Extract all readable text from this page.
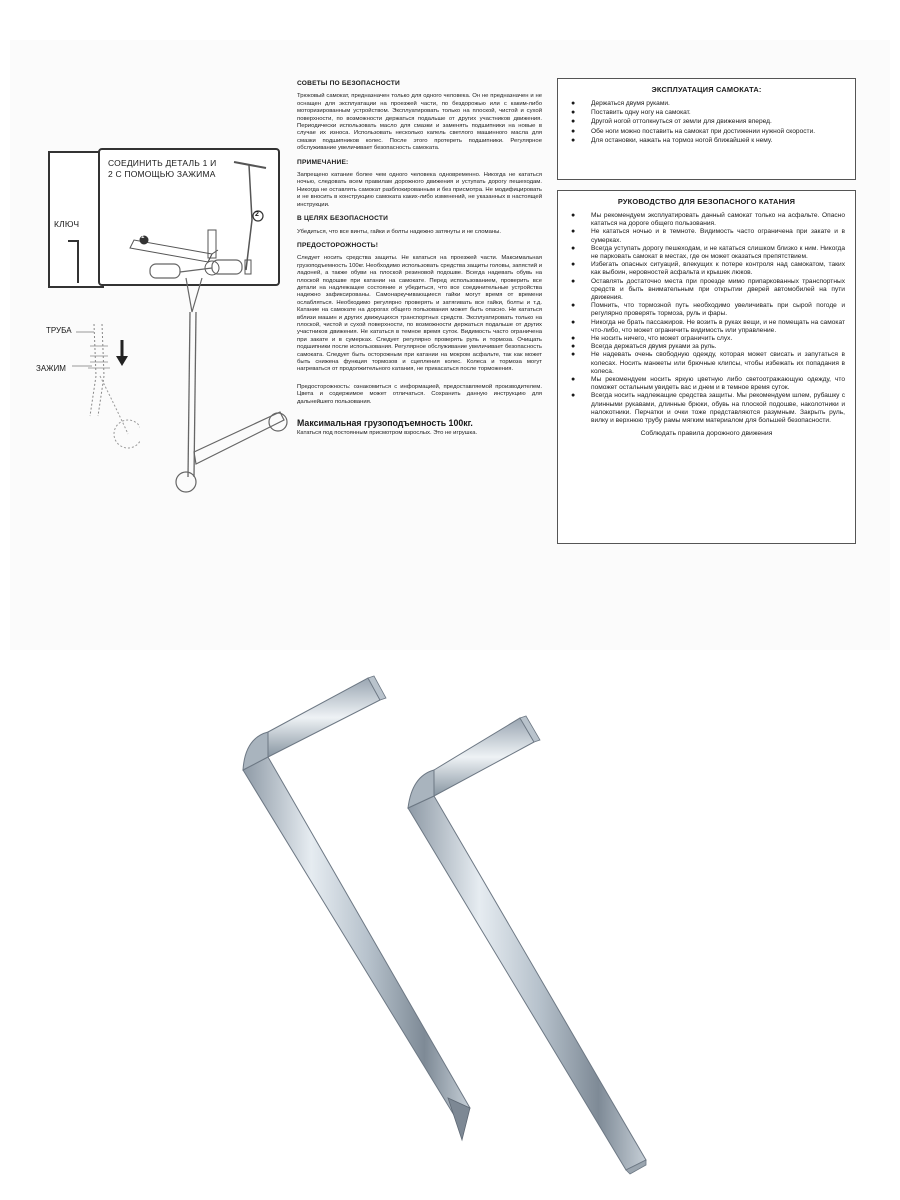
КЛЮЧ
СОЕДИНИТЬ ДЕТАЛЬ 1 И 2 С ПОМОЩЬЮ ЗАЖИМА
1
2
ТРУБА
ЗАЖИМ
СОВЕТЫ ПО БЕЗОПАСНОСТИ

Трюковый самокат, предназначен только для одного человека. Он не предназначен и не оснащен для эксплуатации на проезжей части, по бездорожью или с каким-либо моторизированным устройством. Эксплуатировать только на плоской, чистой и сухой поверхности, по возможности держаться подальше от других участников движения. Периодически использовать масло для смазки и заменять подшипники на новые в случае их износа. Использовать несколько капель светлого машинного масла для смазки подшипников колес. После этого протереть подшипники. Регулярное обслуживание увеличивает безопасность самоката.

ПРИМЕЧАНИЕ:

Запрещено катание более чем одного человека одновременно. Никогда не кататься ночью, следовать всем правилам дорожного движения и уступать дорогу пешеходам. Никогда не оставлять самокат разблокированным и без присмотра. Не модифицировать и не вносить в конструкцию самоката каких-либо изменений, не указанных в настоящей инструкции.

В ЦЕЛЯХ БЕЗОПАСНОСТИ

Убедиться, что все винты, гайки и болты надежно затянуты и не сломаны.

ПРЕДОСТОРОЖНОСТЬ!

Следует носить средства защиты. Не кататься на проезжей части. Максимальная грузоподъемность 100кг. Необходимо использовать средства защиты головы, запястий и ладоней, а также обуви на плоской резиновой подошве. Всегда надевать обувь на плоской подошве при катании на самокате. Перед использованием, проверить все детали на надлежащее состояние и убедиться, что все соединительные устройства надежно зафиксированы. Самонаркучивающиеся гайки могут время от времени ослабляться. Необходимо регулярно проверять и затягивать все гайки, болты и т.д. Катание на самокате на дорогах общего пользования может быть опасно. Не кататься вблизи машин и других движущихся транспортных средств. Эксплуатировать только на плоской, чистой и сухой поверхности, по возможности держаться подальше от других участников движения. Не кататься в темное время суток. Видимость часто ограничена при закате и в сумерках. Следует регулярно проверять руль и тормоза. Очищать подшипники после использования. Регулярное обслуживание увеличивает безопасность самоката. Следует быть осторожным при катании на мокром асфальте, так как может быть снижена функция тормозов и сцепления колес. Колеса и тормоза могут нагреваться от продолжительного катания, не прикасаться после торможения.

Предосторожность: ознакомиться с информацией, предоставляемой производителем. Цвета и содержимое может отличаться. Сохранить данную инструкцию для дальнейшего пользования.

Максимальная грузоподъемность 100кг.

Кататься под постоянным присмотром взрослых. Это не игрушка.

ЭКСПЛУАТАЦИЯ САМОКАТА:
● Держаться двумя руками.
● Поставить одну ногу на самокат.
● Другой ногой оттолкнуться от земли для движения вперед.
● Обе ноги можно поставить на самокат при достижении нужной скорости.
● Для остановки, нажать на тормоз ногой ближайшей к нему.
РУКОВОДСТВО ДЛЯ БЕЗОПАСНОГО КАТАНИЯ
● Мы рекомендуем эксплуатировать данный самокат только на асфальте. Опасно кататься на дороге общего пользования.
● Не кататься ночью и в темноте. Видимость часто ограничена при закате и в сумерках.
● Всегда уступать дорогу пешеходам, и не кататься слишком близко к ним. Никогда не парковать самокат в местах, где он может оказаться препятствием.
● Избегать опасных ситуаций, влекущих к потере контроля над самокатом, таких как выбоин, неровностей асфальта и крышек люков.
● Оставлять достаточно места при проезде мимо припаркованных транспортных средств и быть внимательным при открытии дверей автомобилей на пути движения.
● Помнить, что тормозной путь необходимо увеличивать при сырой погоде и регулярно проверять тормоза, руль и фары.
● Никогда не брать пассажиров. Не возить в руках вещи, и не помещать на самокат что-либо, что может ограничить видимость или управление.
● Не носить ничего, что может ограничить слух.
● Всегда держаться двумя руками за руль.
● Не надевать очень свободную одежду, которая может свисать и запутаться в колесах. Носить манжеты или брючные клипсы, чтобы избежать их попадания в колеса.
● Мы рекомендуем носить яркую цветную либо светоотражающую одежду, что поможет остальным увидеть вас и днем и в темное время суток.
● Всегда носить надлежащие средства защиты. Мы рекомендуем шлем, рубашку с длинными рукавами, длинные брюки, обувь на плоской подошве, наколотники и налокотники. Перчатки и очки тоже представляются разумным. Закрыть руль, вилку и верхнюю трубу рамы мягким материалом для большей безопасности.
Соблюдать правила дорожного движения
